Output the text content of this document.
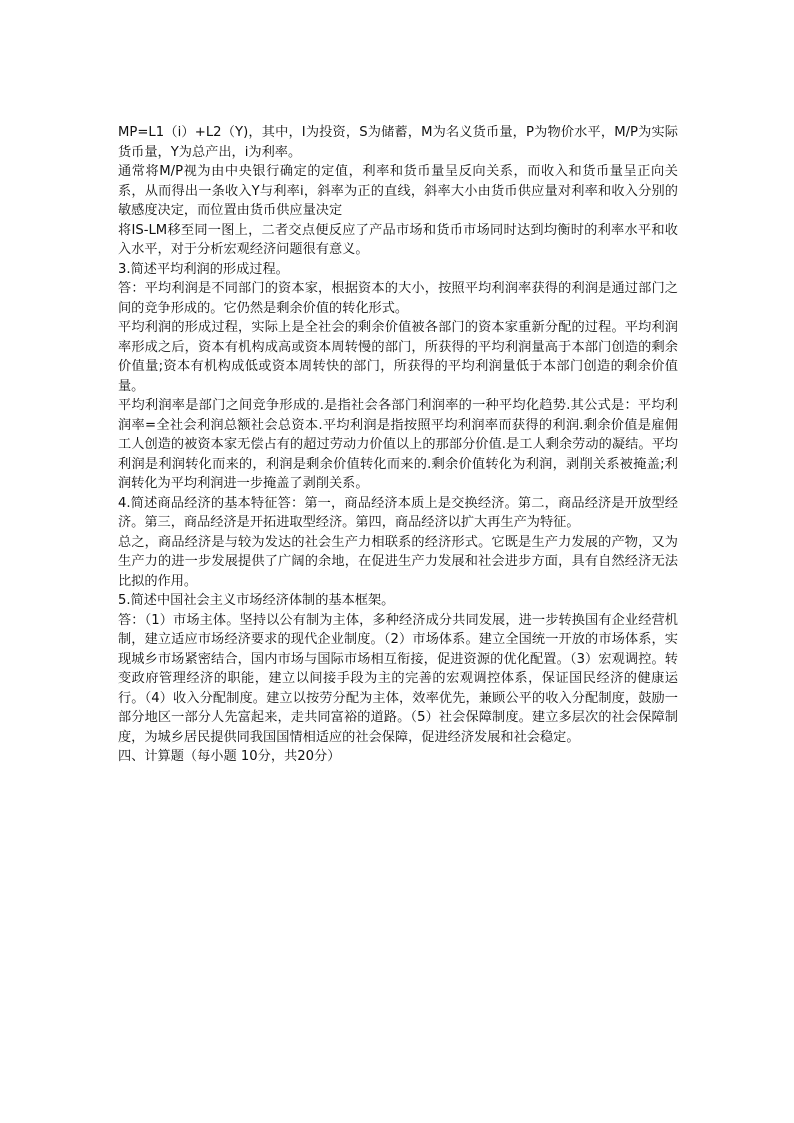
MP=L1（i）+L2（Y)，其中，I为投资，S为储蓄，M为名义货币量，P为物价水平，M/P为实际货币量，Y为总产出，i为利率。

通常将M/P视为由中央银行确定的定值，利率和货币量呈反向关系，而收入和货币量呈正向关系，从而得出一条收入Y与利率i，斜率为正的直线，斜率大小由货币供应量对利率和收入分别的敏感度决定，而位置由货币供应量决定

将IS-LM移至同一图上，二者交点便反应了产品市场和货币市场同时达到均衡时的利率水平和收入水平，对于分析宏观经济问题很有意义。

3.简述平均利润的形成过程。

答：平均利润是不同部门的资本家，根据资本的大小，按照平均利润率获得的利润是通过部门之间的竞争形成的。它仍然是剩余价值的转化形式。

平均利润的形成过程，实际上是全社会的剩余价值被各部门的资本家重新分配的过程。平均利润率形成之后，资本有机构成高或资本周转慢的部门，所获得的平均利润量高于本部门创造的剩余价值量;资本有机构成低或资本周转快的部门，所获得的平均利润量低于本部门创造的剩余价值量。

平均利润率是部门之间竞争形成的.是指社会各部门利润率的一种平均化趋势.其公式是：平均利润率=全社会利润总额社会总资本.平均利润是指按照平均利润率而获得的利润.剩余价值是雇佣工人创造的被资本家无偿占有的超过劳动力价值以上的那部分价值.是工人剩余劳动的凝结。平均利润是利润转化而来的，利润是剩余价值转化而来的.剩余价值转化为利润，剥削关系被掩盖;利润转化为平均利润进一步掩盖了剥削关系。

4.简述商品经济的基本特征答：第一，商品经济本质上是交换经济。第二，商品经济是开放型经济。第三，商品经济是开拓进取型经济。第四，商品经济以扩大再生产为特征。

总之，商品经济是与较为发达的社会生产力相联系的经济形式。它既是生产力发展的产物，又为生产力的进一步发展提供了广阔的余地，在促进生产力发展和社会进步方面，具有自然经济无法比拟的作用。

5.简述中国社会主义市场经济体制的基本框架。

答：（1）市场主体。坚持以公有制为主体，多种经济成分共同发展，进一步转换国有企业经营机制，建立适应市场经济要求的现代企业制度。（2）市场体系。建立全国统一开放的市场体系，实现城乡市场紧密结合，国内市场与国际市场相互衔接，促进资源的优化配置。（3）宏观调控。转变政府管理经济的职能，建立以间接手段为主的完善的宏观调控体系，保证国民经济的健康运行。（4）收入分配制度。建立以按劳分配为主体，效率优先，兼顾公平的收入分配制度，鼓励一部分地区一部分人先富起来，走共同富裕的道路。（5）社会保障制度。建立多层次的社会保障制度，为城乡居民提供同我国国情相适应的社会保障，促进经济发展和社会稳定。

四、计算题（每小题 10分，共20分）
